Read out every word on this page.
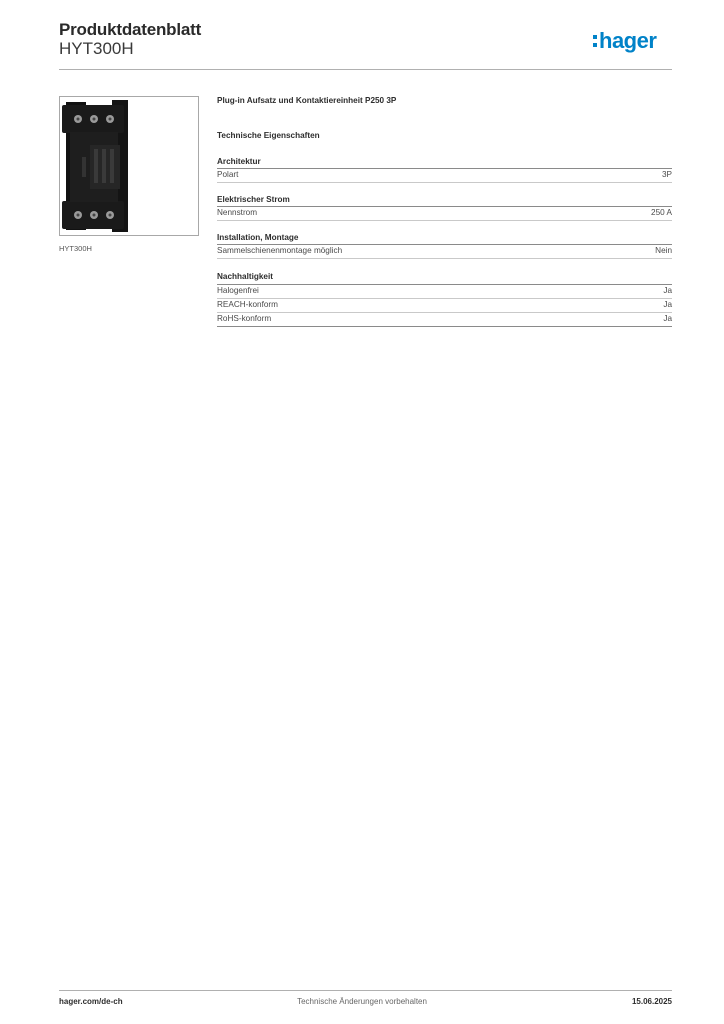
Produktdatenblatt
HYT300H	hager
HYT300H
Plug-in Aufsatz und Kontaktiereinheit P250 3P
Technische Eigenschaften
Architektur
Polart	3P
Elektrischer Strom
Nennstrom	250 A
Installation, Montage
Sammelschienenmontage möglich	Nein
Nachhaltigkeit
Halogenfrei	Ja
REACH-konform	Ja
RoHS-konform	Ja
hager.com/de-ch	Technische Änderungen vorbehalten	15.06.2025
